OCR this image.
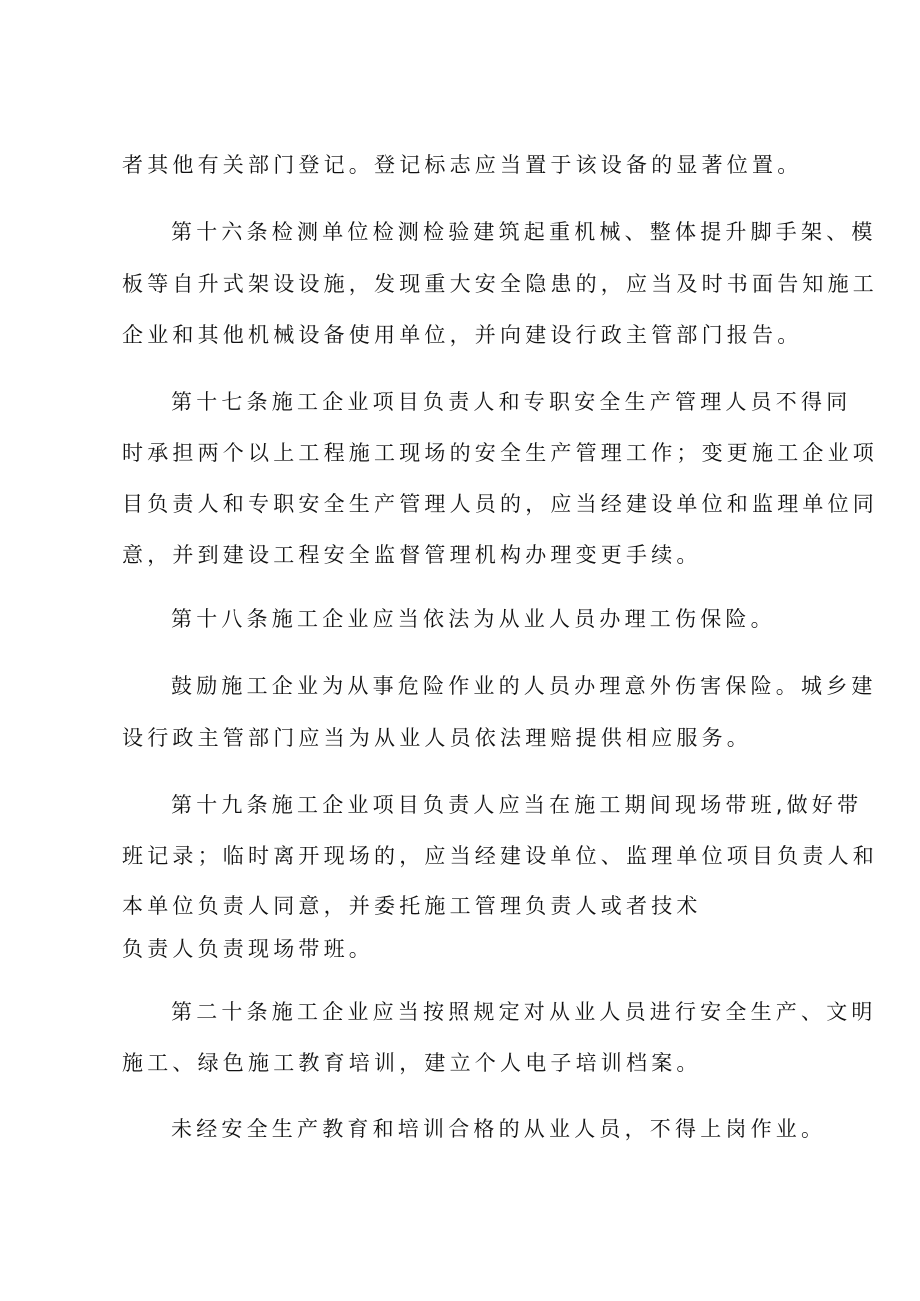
者其他有关部门登记。登记标志应当置于该设备的显著位置。
第十六条检测单位检测检验建筑起重机械、整体提升脚手架、模
板等自升式架设设施，发现重大安全隐患的，应当及时书面告知施工
企业和其他机械设备使用单位，并向建设行政主管部门报告。
第十七条施工企业项目负责人和专职安全生产管理人员不得同
时承担两个以上工程施工现场的安全生产管理工作；变更施工企业项
目负责人和专职安全生产管理人员的，应当经建设单位和监理单位同
意，并到建设工程安全监督管理机构办理变更手续。
第十八条施工企业应当依法为从业人员办理工伤保险。
鼓励施工企业为从事危险作业的人员办理意外伤害保险。城乡建
设行政主管部门应当为从业人员依法理赔提供相应服务。
第十九条施工企业项目负责人应当在施工期间现场带班,做好带
班记录；临时离开现场的，应当经建设单位、监理单位项目负责人和
本单位负责人同意，并委托施工管理负责人或者技术
负责人负责现场带班。
第二十条施工企业应当按照规定对从业人员进行安全生产、文明
施工、绿色施工教育培训，建立个人电子培训档案。
未经安全生产教育和培训合格的从业人员，不得上岗作业。
